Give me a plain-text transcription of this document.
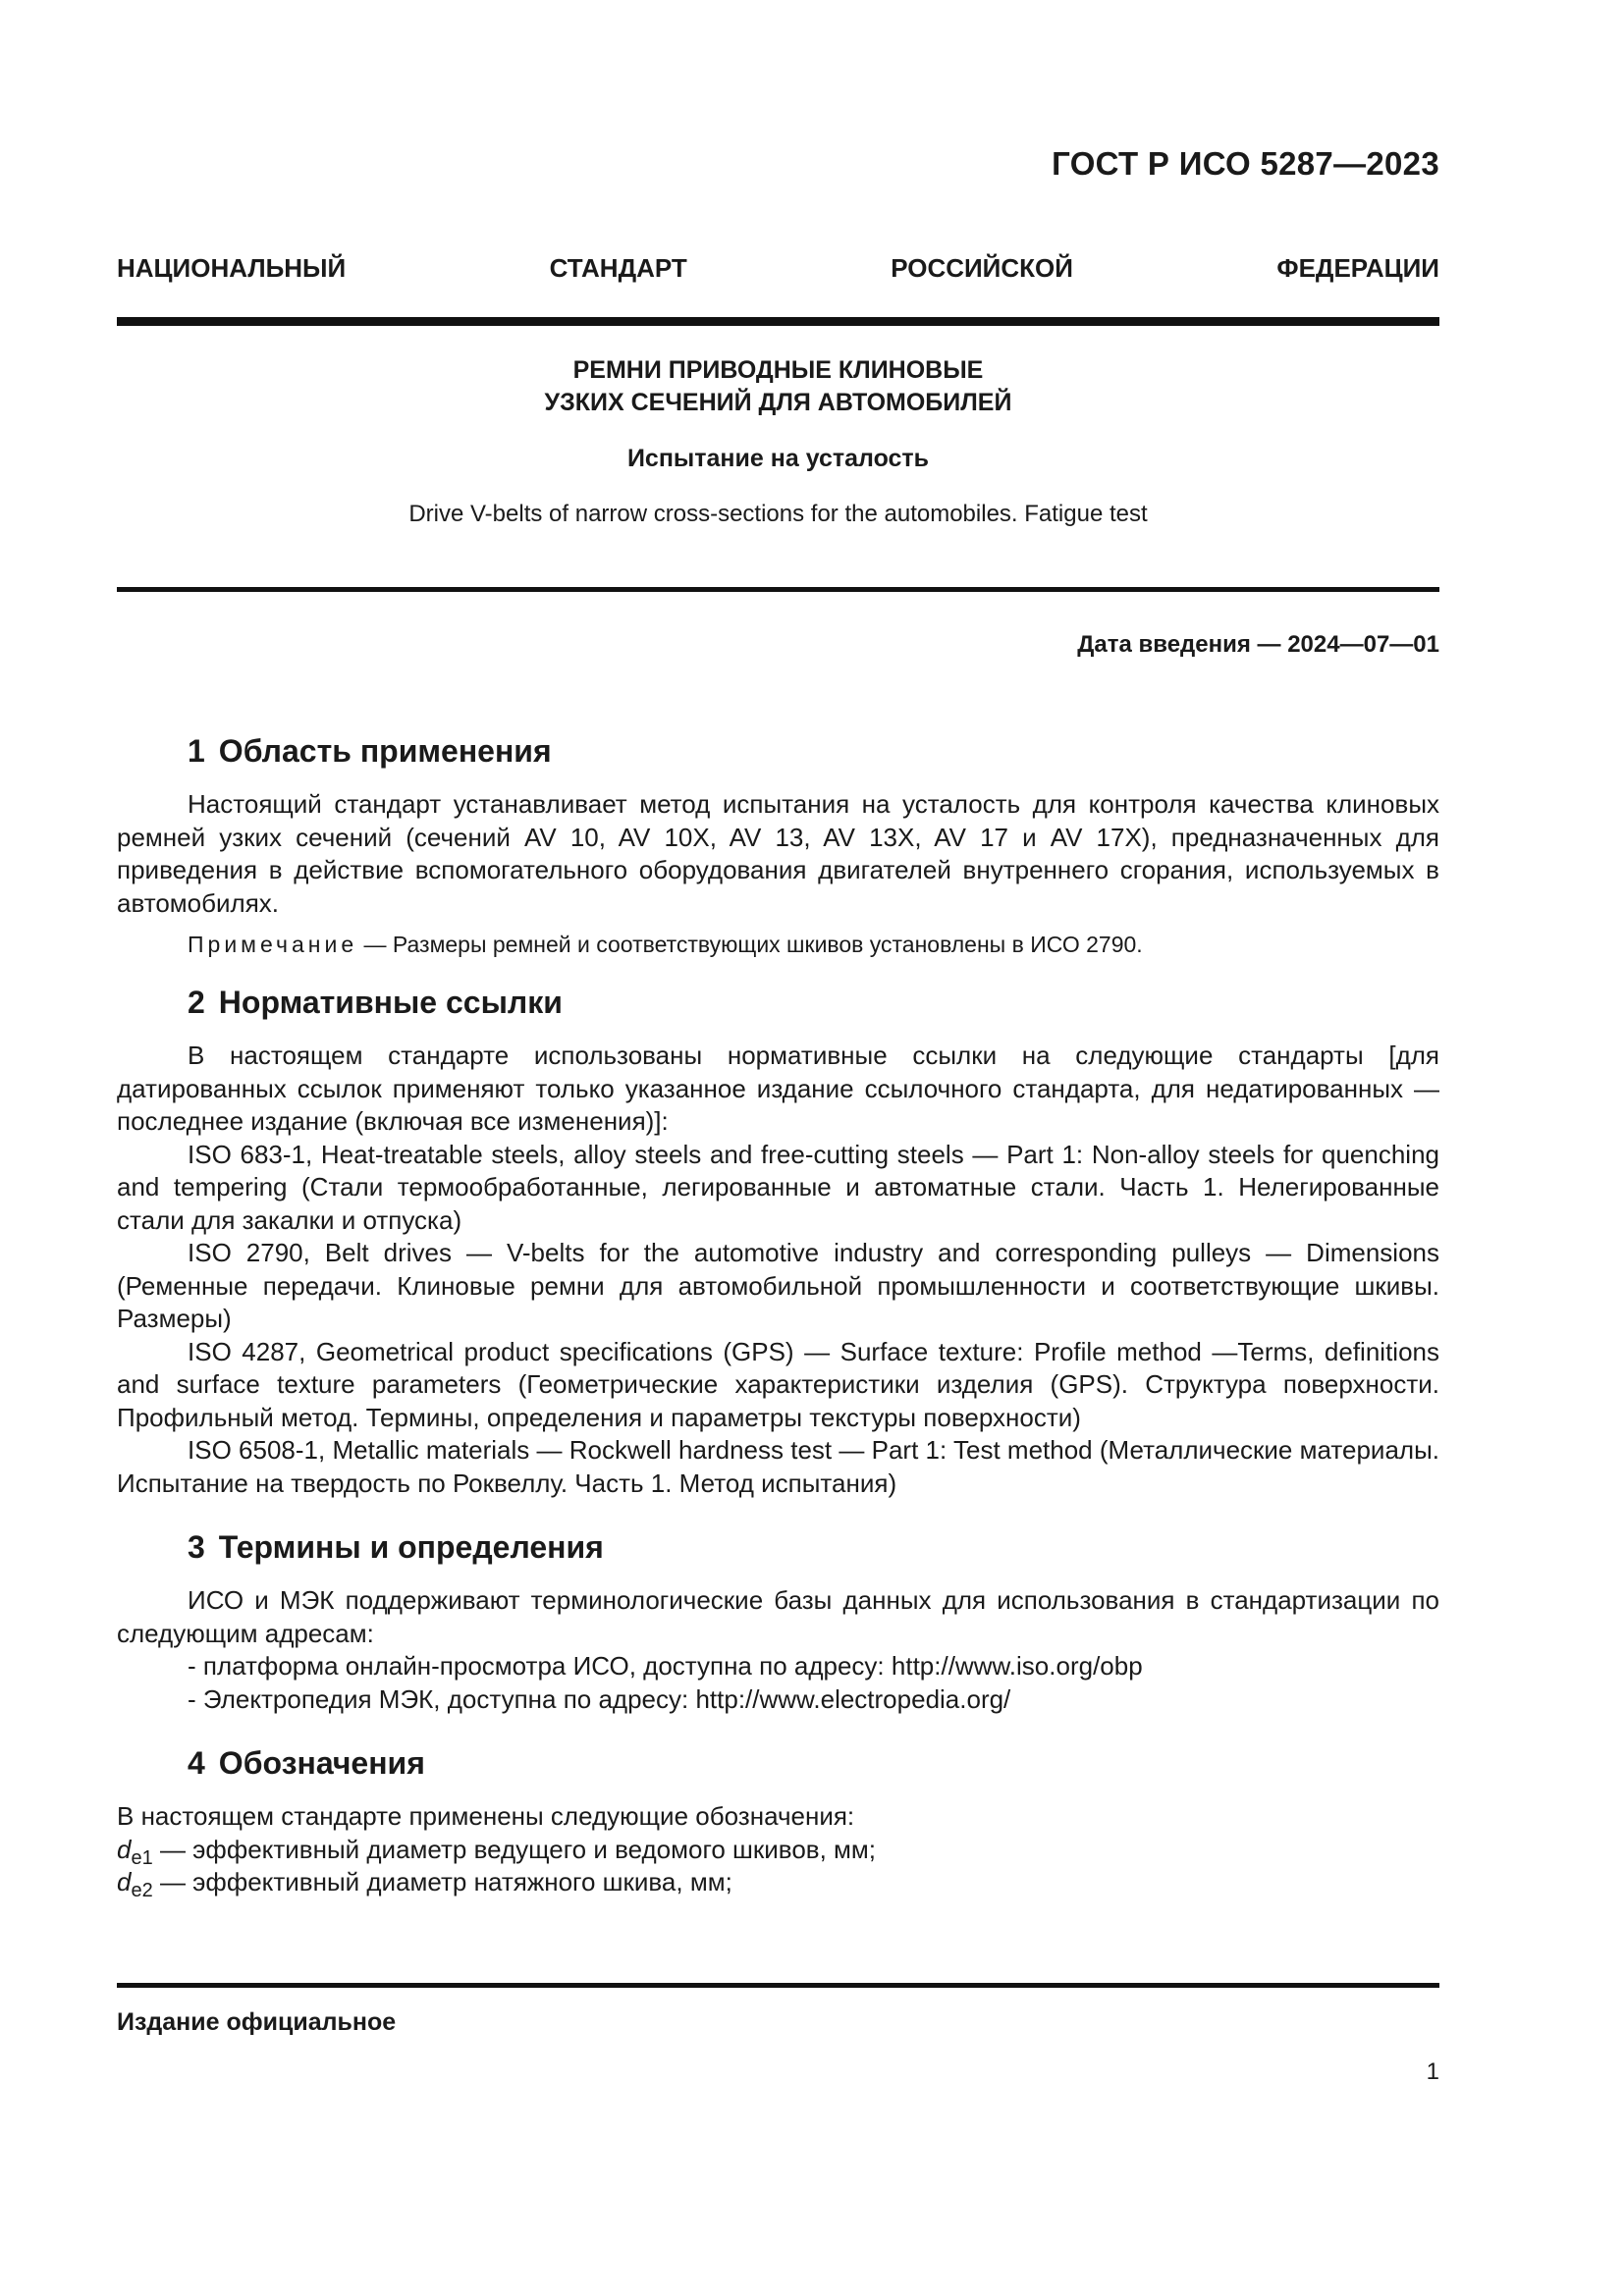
ГОСТ Р ИСО 5287—2023
НАЦИОНАЛЬНЫЙ СТАНДАРТ РОССИЙСКОЙ ФЕДЕРАЦИИ
РЕМНИ ПРИВОДНЫЕ КЛИНОВЫЕ
УЗКИХ СЕЧЕНИЙ ДЛЯ АВТОМОБИЛЕЙ
Испытание на усталость
Drive V-belts of narrow cross-sections for the automobiles. Fatigue test
Дата введения — 2024—07—01
1 Область применения

Настоящий стандарт устанавливает метод испытания на усталость для контроля качества клиновых ремней узких сечений (сечений AV 10, AV 10X, AV 13, AV 13X, AV 17 и AV 17X), предназначенных для приведения в действие вспомогательного оборудования двигателей внутреннего сгорания, используемых в автомобилях.

Примечание — Размеры ремней и соответствующих шкивов установлены в ИСО 2790.

2 Нормативные ссылки

В настоящем стандарте использованы нормативные ссылки на следующие стандарты [для датированных ссылок применяют только указанное издание ссылочного стандарта, для недатированных — последнее издание (включая все изменения)]:

ISO 683-1, Heat-treatable steels, alloy steels and free-cutting steels — Part 1: Non-alloy steels for quenching and tempering (Стали термообработанные, легированные и автоматные стали. Часть 1. Нелегированные стали для закалки и отпуска)

ISO 2790, Belt drives — V-belts for the automotive industry and corresponding pulleys — Dimensions (Ременные передачи. Клиновые ремни для автомобильной промышленности и соответствующие шкивы. Размеры)

ISO 4287, Geometrical product specifications (GPS) — Surface texture: Profile method —Terms, definitions and surface texture parameters (Геометрические характеристики изделия (GPS). Структура поверхности. Профильный метод. Термины, определения и параметры текстуры поверхности)

ISO 6508-1, Metallic materials — Rockwell hardness test — Part 1: Test method (Металлические материалы. Испытание на твердость по Роквеллу. Часть 1. Метод испытания)

3 Термины и определения

ИСО и МЭК поддерживают терминологические базы данных для использования в стандартизации по следующим адресам:

- платформа онлайн-просмотра ИСО, доступна по адресу: http://www.iso.org/obp
- Электропедия МЭК, доступна по адресу: http://www.electropedia.org/
4 Обозначения

В настоящем стандарте применены следующие обозначения:

$d_{e1}$ — эффективный диаметр ведущего и ведомого шкивов, мм;
$d_{e2}$ — эффективный диаметр натяжного шкива, мм;
Издание официальное
1
